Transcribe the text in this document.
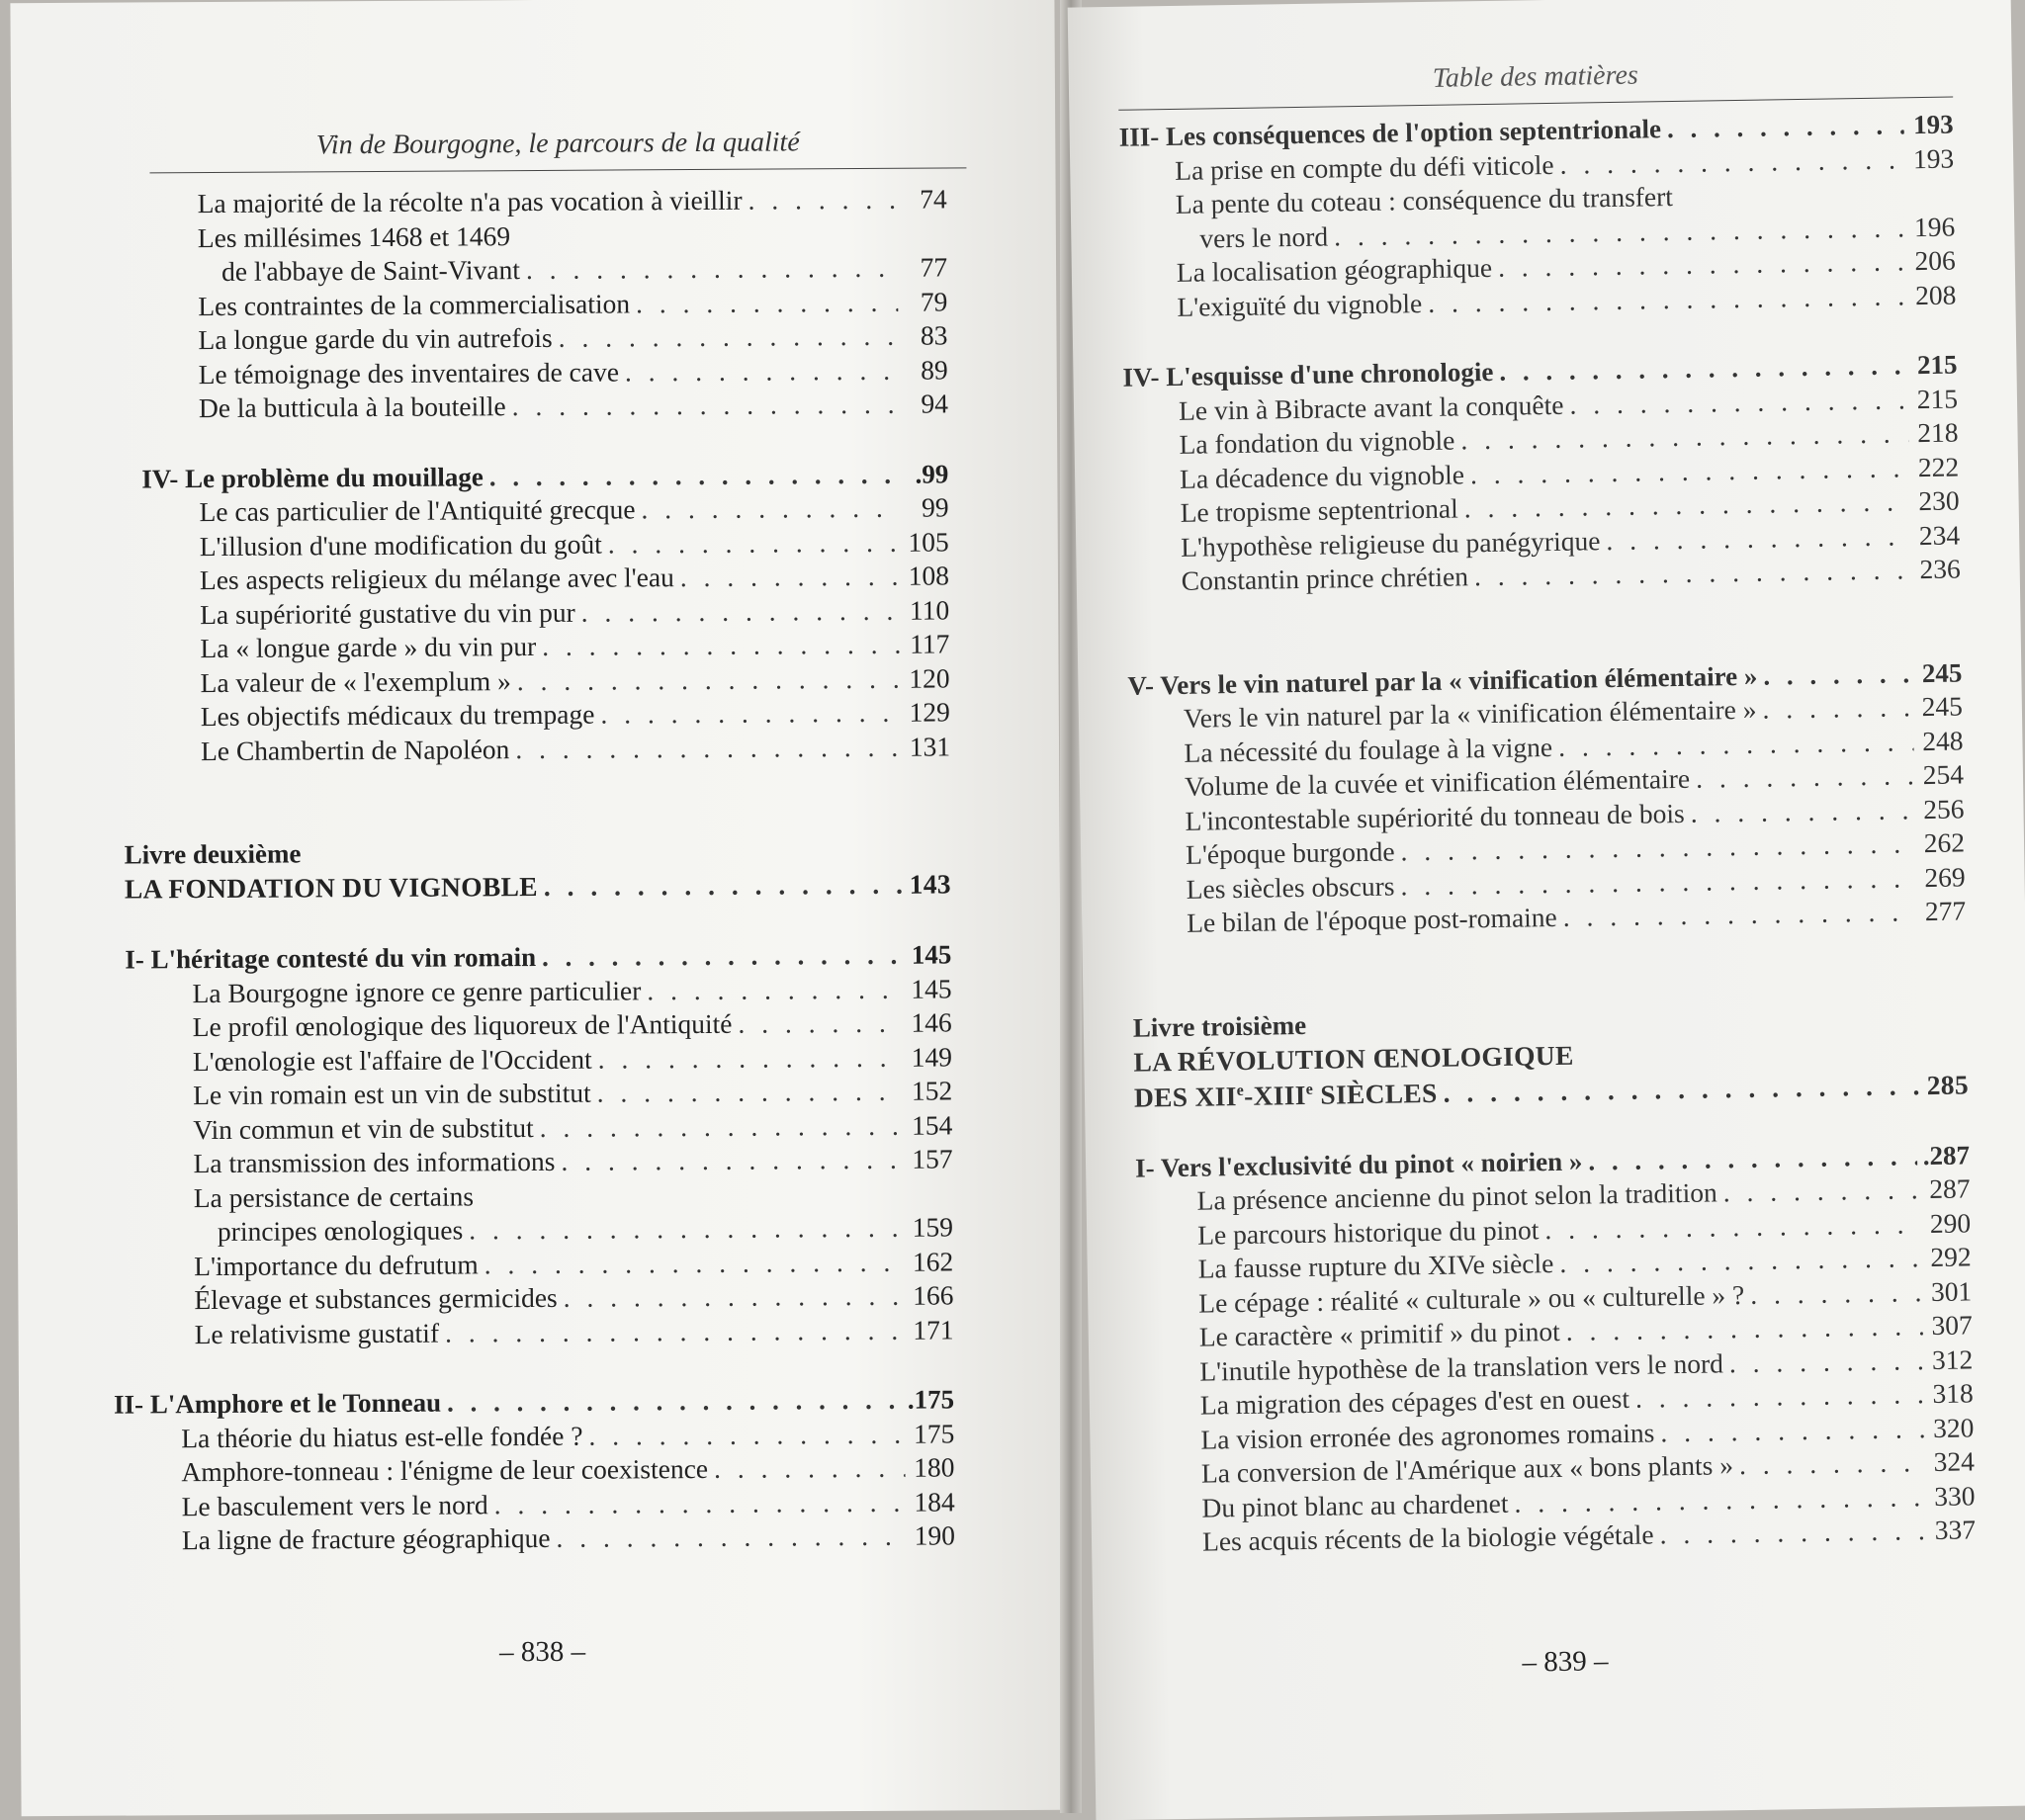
Vin de Bourgogne, le parcours de la qualité
La majorité de la récolte n'a pas vocation à vieillir . . .	74
Les millésimes 1468 et 1469
de l'abbaye de Saint-Vivant . . .	77
Les contraintes de la commercialisation . . .	79
La longue garde du vin autrefois . . .	83
Le témoignage des inventaires de cave . . .	89
De la butticula à la bouteille . . .	94
IV- Le problème du mouillage . . .	.99
Le cas particulier de l'Antiquité grecque . . .	99
L'illusion d'une modification du goût . . .	105
Les aspects religieux du mélange avec l'eau . . .	108
La supériorité gustative du vin pur . . .	110
La « longue garde » du vin pur . . .	117
La valeur de « l'exemplum » . . .	120
Les objectifs médicaux du trempage . . .	129
Le Chambertin de Napoléon . . .	131
Livre deuxième
LA FONDATION DU VIGNOBLE . . .	143
I- L'héritage contesté du vin romain . . .	145
La Bourgogne ignore ce genre particulier . . .	145
Le profil œnologique des liquoreux de l'Antiquité . . .	146
L'œnologie est l'affaire de l'Occident . . .	149
Le vin romain est un vin de substitut . . .	152
Vin commun et vin de substitut . . .	154
La transmission des informations . . .	157
La persistance de certains
principes œnologiques . . .	159
L'importance du defrutum . . .	162
Élevage et substances germicides . . .	166
Le relativisme gustatif . . .	171
II- L'Amphore et le Tonneau . . .	.175
La théorie du hiatus est-elle fondée ? . . .	175
Amphore-tonneau : l'énigme de leur coexistence . . .	180
Le basculement vers le nord . . .	184
La ligne de fracture géographique . . .	190
– 838 –
Table des matières
III- Les conséquences de l'option septentrionale . . .	193
La prise en compte du défi viticole . . .	193
La pente du coteau : conséquence du transfert
vers le nord . . .	196
La localisation géographique . . .	206
L'exiguïté du vignoble . . .	208
IV- L'esquisse d'une chronologie . . .	215
Le vin à Bibracte avant la conquête . . .	215
La fondation du vignoble . . .	218
La décadence du vignoble . . .	222
Le tropisme septentrional . . .	230
L'hypothèse religieuse du panégyrique . . .	234
Constantin prince chrétien . . .	236
V- Vers le vin naturel par la « vinification élémentaire » . . .	245
Vers le vin naturel par la « vinification élémentaire » . . .	245
La nécessité du foulage à la vigne . . .	248
Volume de la cuvée et vinification élémentaire . . .	254
L'incontestable supériorité du tonneau de bois . . .	256
L'époque burgonde . . .	262
Les siècles obscurs . . .	269
Le bilan de l'époque post-romaine . . .	277
Livre troisième
LA RÉVOLUTION ŒNOLOGIQUE
DES XIIe-XIIIe SIÈCLES . . .	285
I- Vers l'exclusivité du pinot « noirien » . . .	.287
La présence ancienne du pinot selon la tradition . . .	287
Le parcours historique du pinot . . .	290
La fausse rupture du XIVe siècle . . .	292
Le cépage : réalité « culturale » ou « culturelle » ? . . .	301
Le caractère « primitif » du pinot . . .	307
L'inutile hypothèse de la translation vers le nord . . .	312
La migration des cépages d'est en ouest . . .	318
La vision erronée des agronomes romains . . .	320
La conversion de l'Amérique aux « bons plants » . . .	324
Du pinot blanc au chardenet . . .	330
Les acquis récents de la biologie végétale . . .	337
– 839 –
